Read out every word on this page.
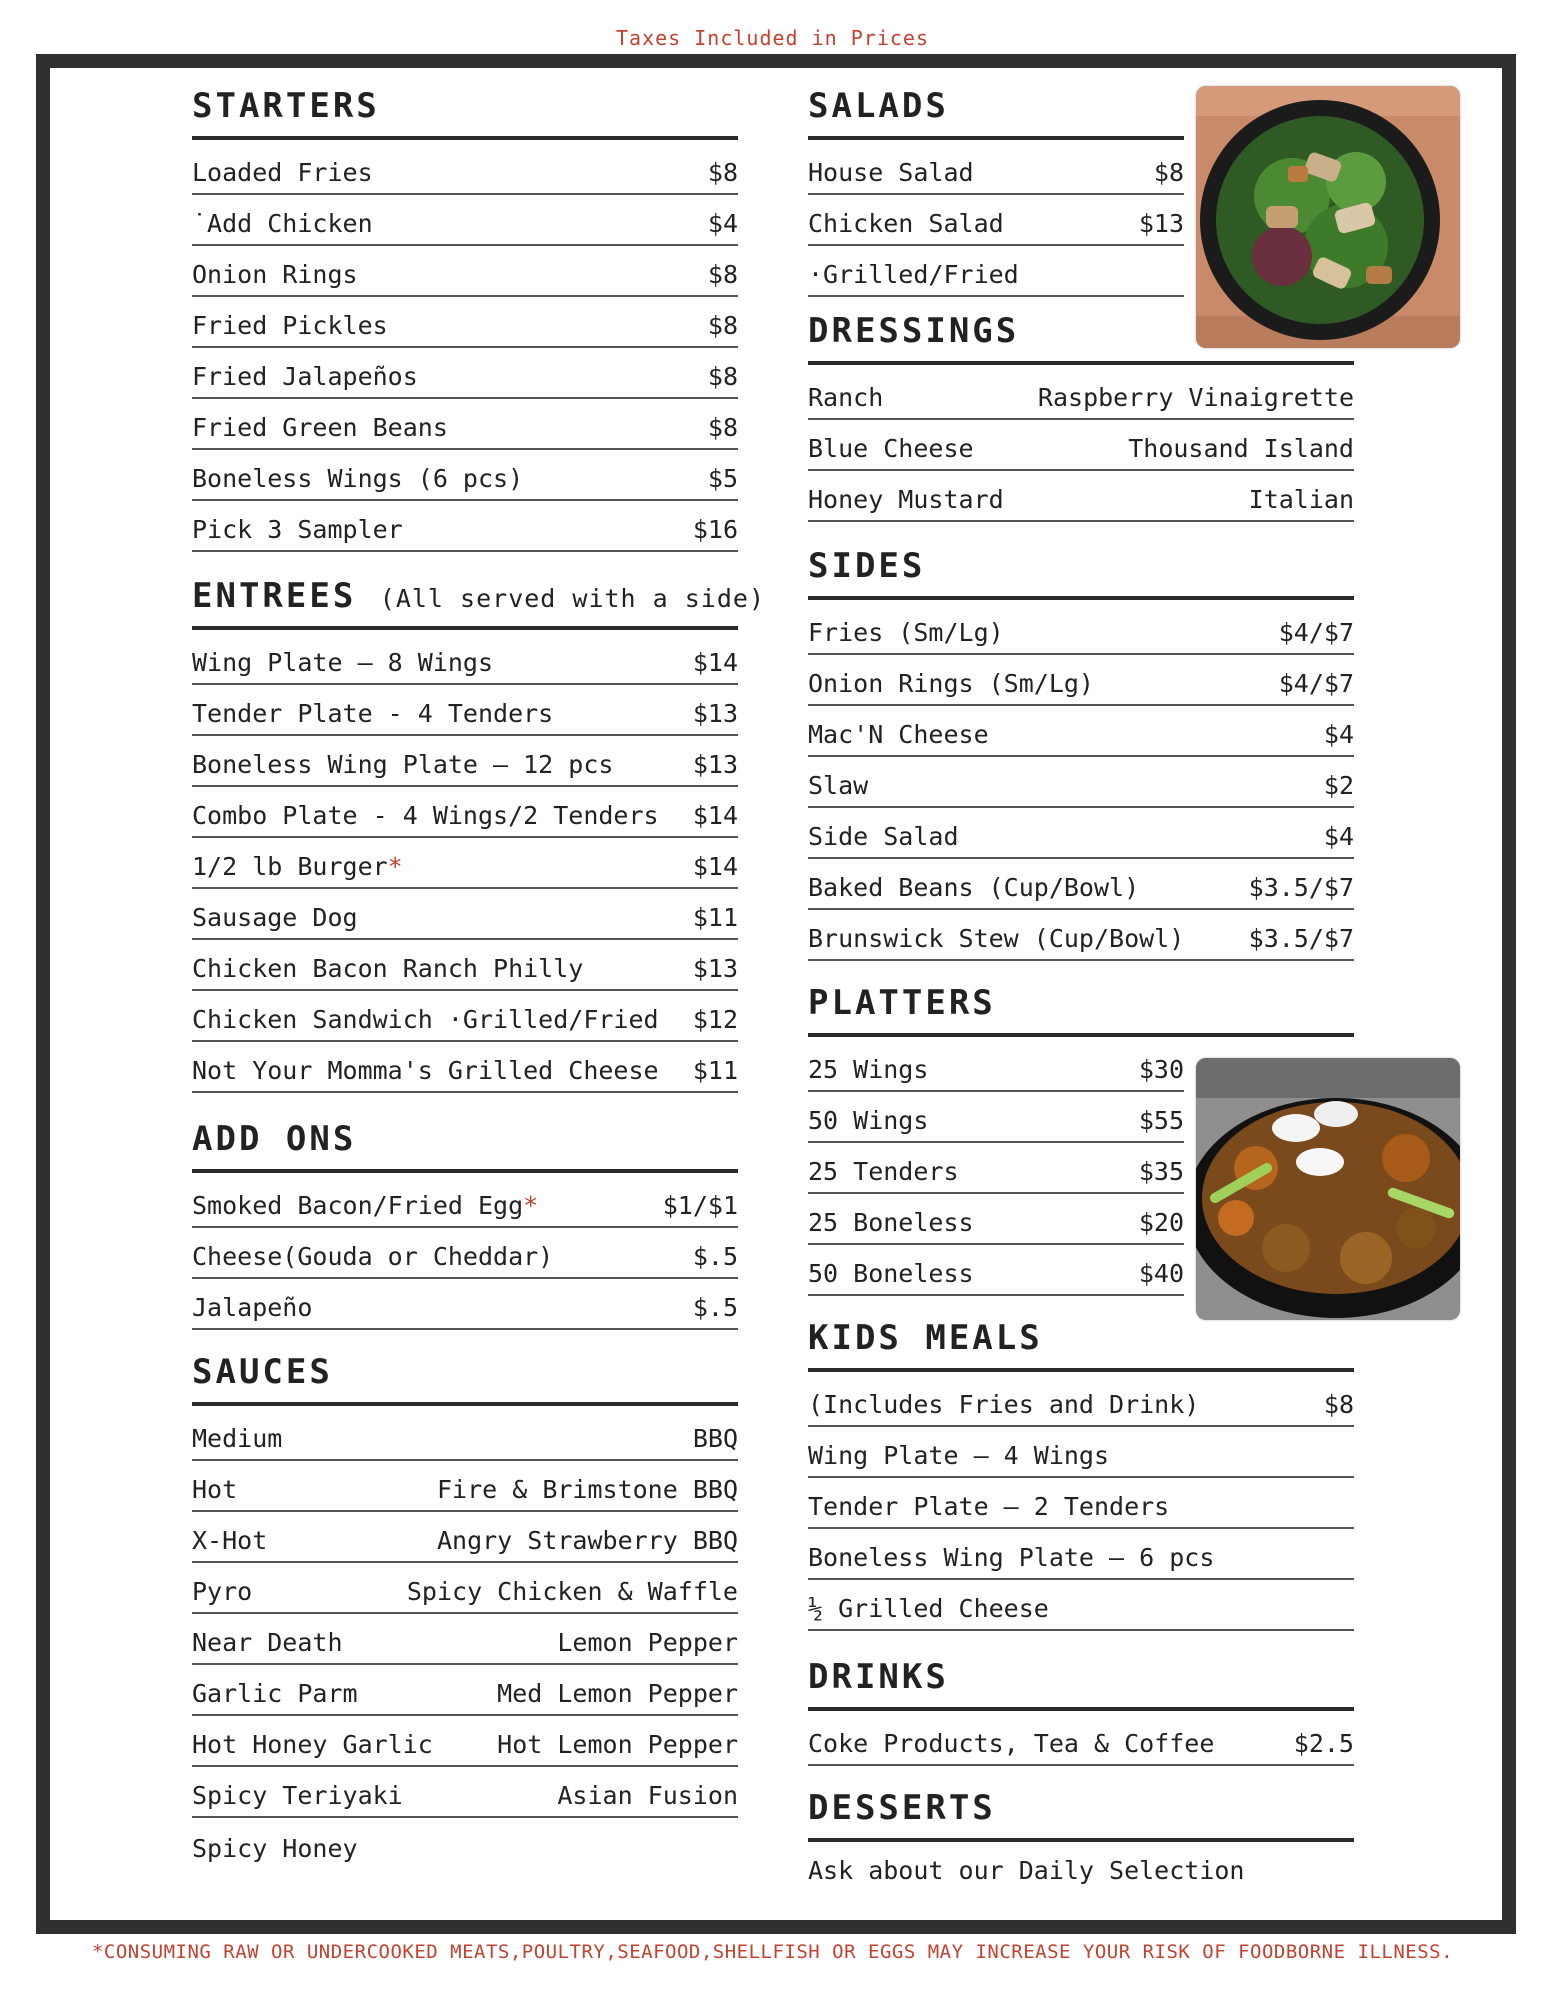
Taxes Included in Prices
STARTERS
Loaded Fries	$8
˙Add Chicken	$4
Onion Rings	$8
Fried Pickles	$8
Fried Jalapeños	$8
Fried Green Beans	$8
Boneless Wings (6 pcs)	$5
Pick 3 Sampler	$16
ENTREES (All served with a side)
Wing Plate – 8 Wings	$14
Tender Plate - 4 Tenders	$13
Boneless Wing Plate – 12 pcs	$13
Combo Plate - 4 Wings/2 Tenders $14
1/2 lb Burger*	$14
Sausage Dog	$11
Chicken Bacon Ranch Philly	$13
Chicken Sandwich ·Grilled/Fried $12
Not Your Momma's Grilled Cheese $11
ADD ONS
Smoked Bacon/Fried Egg*	$1/$1
Cheese(Gouda or Cheddar)	$.5
Jalapeño	$.5
SAUCES
Medium	BBQ
Hot	Fire & Brimstone BBQ
X-Hot	Angry Strawberry BBQ
Pyro	Spicy Chicken & Waffle
Near Death	Lemon Pepper
Garlic Parm	Med Lemon Pepper
Hot Honey Garlic	Hot Lemon Pepper
Spicy Teriyaki	Asian Fusion
Spicy Honey
SALADS
House Salad	$8
Chicken Salad	$13
·Grilled/Fried
DRESSINGS
Ranch	Raspberry Vinaigrette
Blue Cheese	Thousand Island
Honey Mustard	Italian
SIDES
Fries (Sm/Lg)	$4/$7
Onion Rings (Sm/Lg)	$4/$7
Mac'N Cheese	$4
Slaw	$2
Side Salad	$4
Baked Beans (Cup/Bowl)	$3.5/$7
Brunswick Stew (Cup/Bowl)	$3.5/$7
PLATTERS
25 Wings	$30
50 Wings	$55
25 Tenders	$35
25 Boneless	$20
50 Boneless	$40
KIDS MEALS
(Includes Fries and Drink)	$8
Wing Plate – 4 Wings
Tender Plate – 2 Tenders
Boneless Wing Plate – 6 pcs
½ Grilled Cheese
DRINKS
Coke Products, Tea & Coffee	$2.5
DESSERTS
Ask about our Daily Selection
*CONSUMING RAW OR UNDERCOOKED MEATS,POULTRY,SEAFOOD,SHELLFISH OR EGGS MAY INCREASE YOUR RISK OF FOODBORNE ILLNESS.
